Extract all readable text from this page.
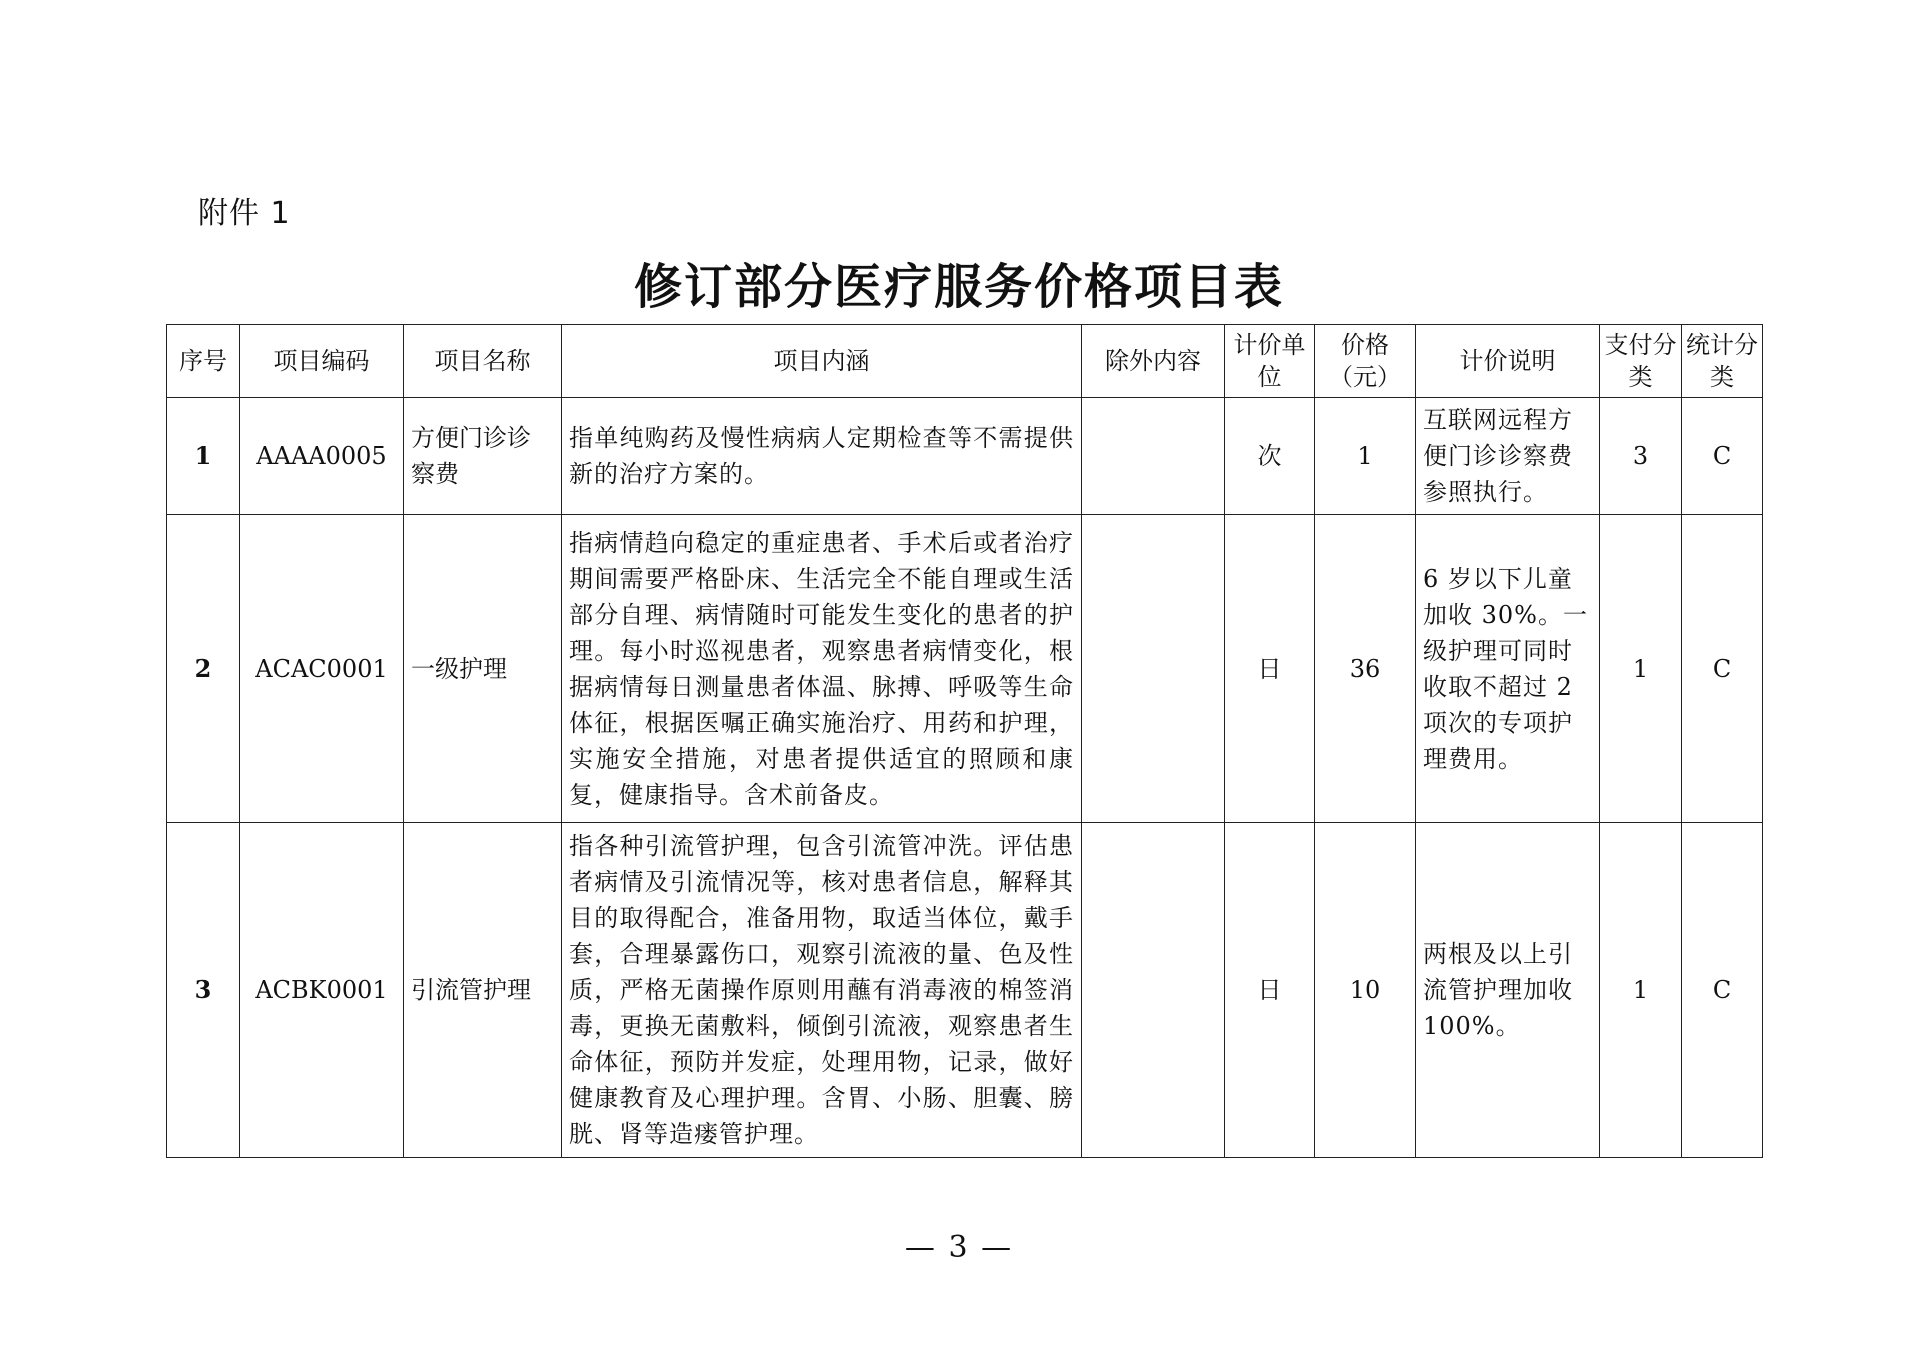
附件 1
修订部分医疗服务价格项目表
序号	项目编码	项目名称	项目内涵	除外内容	计价单位	价格（元）	计价说明	支付分类	统计分类
1	AAAA0005	方便门诊诊察费	指单纯购药及慢性病病人定期检查等不需提供新的治疗方案的。		次	1	互联网远程方便门诊诊察费参照执行。	3	C
2	ACAC0001	一级护理	指病情趋向稳定的重症患者、手术后或者治疗期间需要严格卧床、生活完全不能自理或生活部分自理、病情随时可能发生变化的患者的护理。每小时巡视患者，观察患者病情变化，根据病情每日测量患者体温、脉搏、呼吸等生命体征，根据医嘱正确实施治疗、用药和护理，实施安全措施，对患者提供适宜的照顾和康复，健康指导。含术前备皮。		日	36	6 岁以下儿童加收 30%。一级护理可同时收取不超过 2 项次的专项护理费用。	1	C
3	ACBK0001	引流管护理	指各种引流管护理，包含引流管冲洗。评估患者病情及引流情况等，核对患者信息，解释其目的取得配合，准备用物，取适当体位，戴手套，合理暴露伤口，观察引流液的量、色及性质，严格无菌操作原则用蘸有消毒液的棉签消毒，更换无菌敷料，倾倒引流液，观察患者生命体征，预防并发症，处理用物，记录，做好健康教育及心理护理。含胃、小肠、胆囊、膀胱、肾等造瘘管护理。		日	10	两根及以上引流管护理加收 100%。	1	C
— 3 —
